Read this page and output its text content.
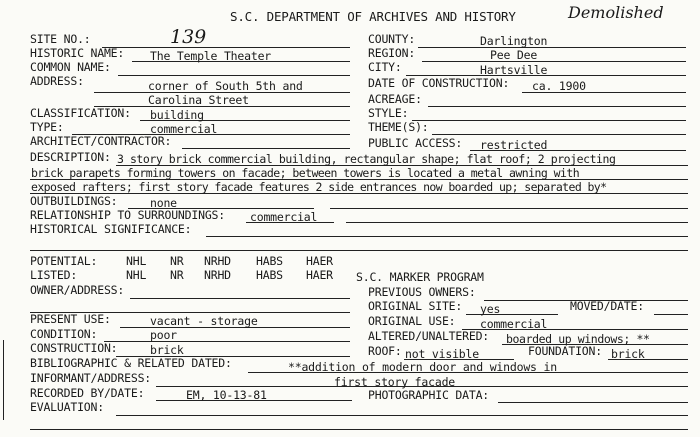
S.C. DEPARTMENT OF ARCHIVES AND HISTORY	Demolished
SITE NO.:	139	COUNTY:	Darlington
HISTORIC NAME: The Temple Theater	REGION:	Pee Dee
COMMON NAME:	CITY:	Hartsville
ADDRESS:	corner of South 5th and
Carolina Street
DATE OF CONSTRUCTION: ca. 1900
ACREAGE:
CLASSIFICATION: building	STYLE:
TYPE:	commercial	THEME(S):
ARCHITECT/CONTRACTOR:	PUBLIC ACCESS: restricted
DESCRIPTION: 3 story brick commercial building, rectangular shape; flat roof; 2 projecting
brick parapets forming towers on facade; between towers is located a metal awning with
exposed rafters; first story facade features 2 side entrances now boarded up; separated by*
OUTBUILDINGS:	none
RELATIONSHIP TO SURROUNDINGS: commercial
HISTORICAL SIGNIFICANCE:
POTENTIAL:	NHL NR NRHD HABS HAER
LISTED:	NHL NR NRHD HABS HAER S.C. MARKER PROGRAM
OWNER/ADDRESS:	PREVIOUS OWNERS:
ORIGINAL SITE: yes	MOVED/DATE:
PRESENT USE:	vacant - storage	ORIGINAL USE: commercial
CONDITION:	poor	ALTERED/UNALTERED: boarded up windows; **
CONSTRUCTION:	brick	ROOF: not visible	FOUNDATION: brick
BIBLIOGRAPHIC & RELATED DATED:	**addition of modern door and windows in
INFORMANT/ADDRESS:	first story facade
RECORDED BY/DATE:	EM, 10-13-81	PHOTOGRAPHIC DATA:
EVALUATION:
